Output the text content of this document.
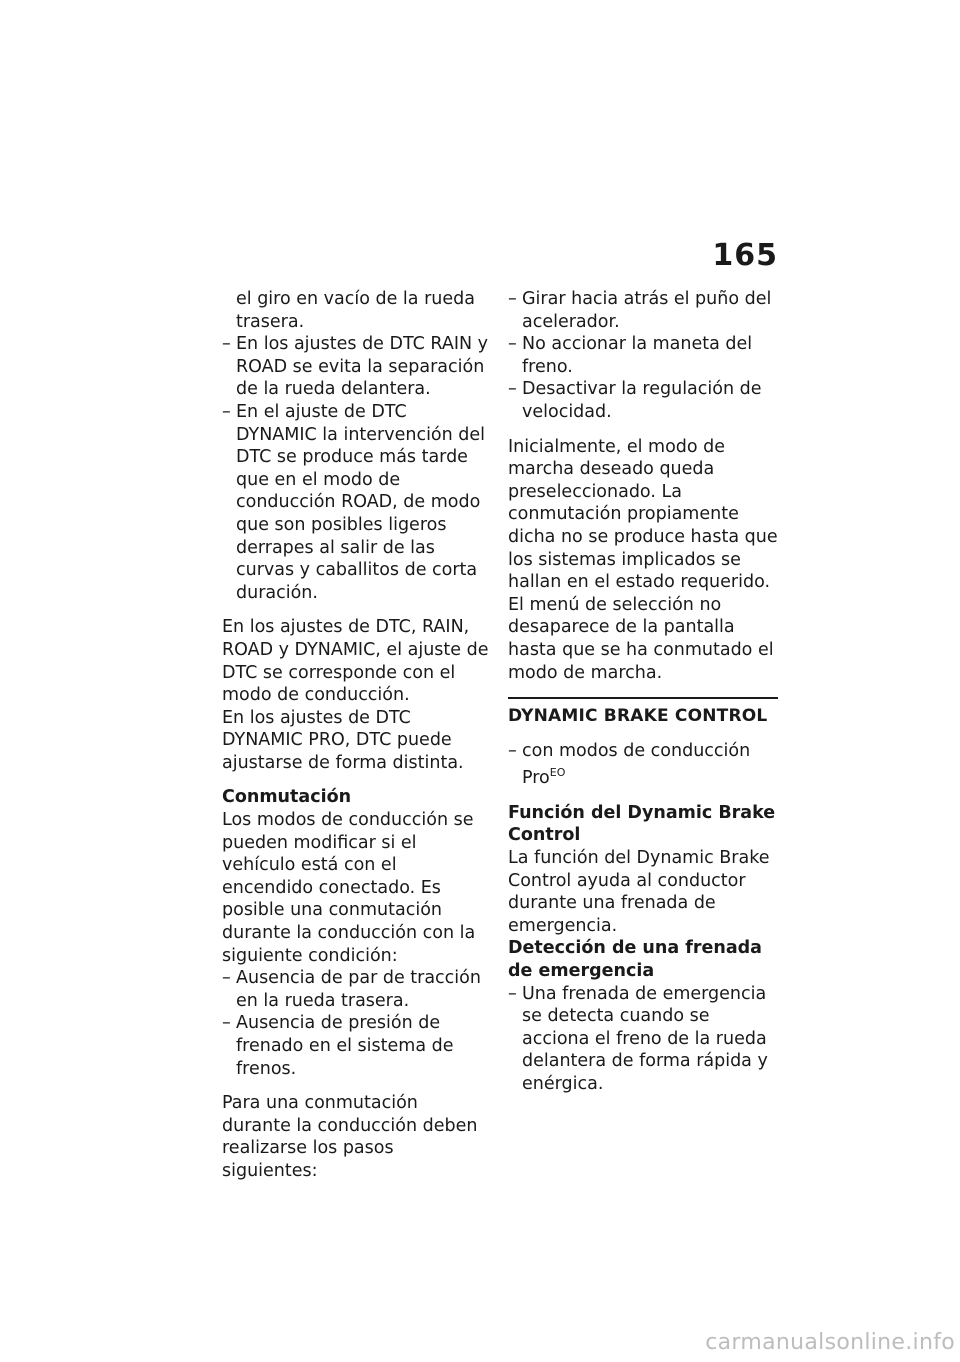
165
el giro en vacío de la rueda trasera.
– En los ajustes de DTC RAIN y ROAD se evita la separación de la rueda delantera.
– En el ajuste de DTC DYNAMIC la intervención del DTC se produce más tarde que en el modo de conducción ROAD, de modo que son posibles ligeros derrapes al salir de las curvas y caballitos de corta duración.

En los ajustes de DTC, RAIN, ROAD y DYNAMIC, el ajuste de DTC se corresponde con el modo de conducción.

En los ajustes de DTC DYNAMIC PRO, DTC puede ajustarse de forma distinta.

Conmutación

Los modos de conducción se pueden modificar si el vehículo está con el encendido conectado. Es posible una conmutación durante la conducción con la siguiente condición:

– Ausencia de par de tracción en la rueda trasera.
– Ausencia de presión de frenado en el sistema de frenos.

Para una conmutación durante la conducción deben realizarse los pasos siguientes:

– Girar hacia atrás el puño del acelerador.
– No accionar la maneta del freno.
– Desactivar la regulación de velocidad.

Inicialmente, el modo de marcha deseado queda preseleccionado. La conmutación propiamente dicha no se produce hasta que los sistemas implicados se hallan en el estado requerido.

El menú de selección no desaparece de la pantalla hasta que se ha conmutado el modo de marcha.

DYNAMIC BRAKE CONTROL
– con modos de conducción Pro$^{EO}$

Función del Dynamic Brake Control

La función del Dynamic Brake Control ayuda al conductor durante una frenada de emergencia.

Detección de una frenada de emergencia

– Una frenada de emergencia se detecta cuando se acciona el freno de la rueda delantera de forma rápida y enérgica.
carmanualsonline.info
